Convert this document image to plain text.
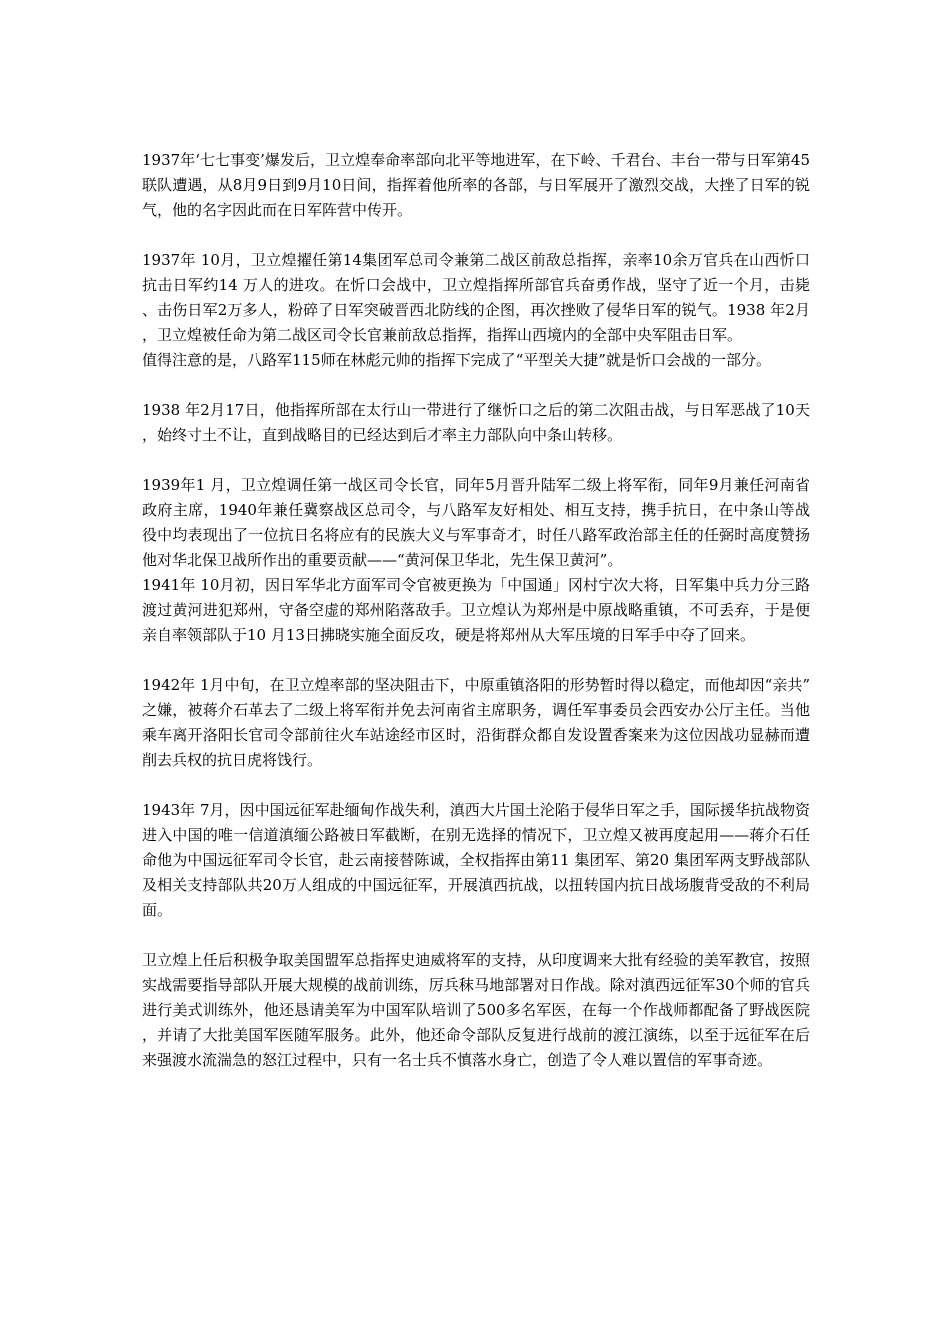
1937年‘七七事变’爆发后，卫立煌奉命率部向北平等地进军，在下岭、千君台、丰台一带与日军第45联队遭遇，从8月9日到9月10日间，指挥着他所率的各部，与日军展开了激烈交战，大挫了日军的锐气，他的名字因此而在日军阵营中传开。

1937年 10月，卫立煌擢任第14集团军总司令兼第二战区前敌总指挥，亲率10余万官兵在山西忻口抗击日军约14 万人的进攻。在忻口会战中，卫立煌指挥所部官兵奋勇作战，坚守了近一个月，击毙、击伤日军2万多人，粉碎了日军突破晋西北防线的企图，再次挫败了侵华日军的锐气。1938 年2月，卫立煌被任命为第二战区司令长官兼前敌总指挥，指挥山西境内的全部中央军阻击日军。

值得注意的是，八路军115师在林彪元帅的指挥下完成了“平型关大捷”就是忻口会战的一部分。

1938 年2月17日，他指挥所部在太行山一带进行了继忻口之后的第二次阻击战，与日军恶战了10天，始终寸土不让，直到战略目的已经达到后才率主力部队向中条山转移。

1939年1 月，卫立煌调任第一战区司令长官，同年5月晋升陆军二级上将军衔，同年9月兼任河南省政府主席，1940年兼任冀察战区总司令，与八路军友好相处、相互支持，携手抗日，在中条山等战役中均表现出了一位抗日名将应有的民族大义与军事奇才，时任八路军政治部主任的任弼时高度赞扬他对华北保卫战所作出的重要贡献——“黄河保卫华北，先生保卫黄河”。

1941年 10月初，因日军华北方面军司令官被更换为「中国通」冈村宁次大将，日军集中兵力分三路渡过黄河进犯郑州，守备空虚的郑州陷落敌手。卫立煌认为郑州是中原战略重镇，不可丢弃，于是便亲自率领部队于10 月13日拂晓实施全面反攻，硬是将郑州从大军压境的日军手中夺了回来。

1942年 1月中旬，在卫立煌率部的坚决阻击下，中原重镇洛阳的形势暂时得以稳定，而他却因“亲共”之嫌，被蒋介石革去了二级上将军衔并免去河南省主席职务，调任军事委员会西安办公厅主任。当他乘车离开洛阳长官司令部前往火车站途经市区时，沿街群众都自发设置香案来为这位因战功显赫而遭削去兵权的抗日虎将饯行。

1943年 7月，因中国远征军赴缅甸作战失利，滇西大片国土沦陷于侵华日军之手，国际援华抗战物资进入中国的唯一信道滇缅公路被日军截断，在别无选择的情况下，卫立煌又被再度起用——蒋介石任命他为中国远征军司令长官，赴云南接替陈诚，全权指挥由第11 集团军、第20 集团军两支野战部队及相关支持部队共20万人组成的中国远征军，开展滇西抗战，以扭转国内抗日战场腹背受敌的不利局面。

卫立煌上任后积极争取美国盟军总指挥史迪威将军的支持，从印度调来大批有经验的美军教官，按照实战需要指导部队开展大规模的战前训练，厉兵秣马地部署对日作战。除对滇西远征军30个师的官兵进行美式训练外，他还恳请美军为中国军队培训了500多名军医，在每一个作战师都配备了野战医院，并请了大批美国军医随军服务。此外，他还命令部队反复进行战前的渡江演练，以至于远征军在后来强渡水流湍急的怒江过程中，只有一名士兵不慎落水身亡，创造了令人难以置信的军事奇迹。
